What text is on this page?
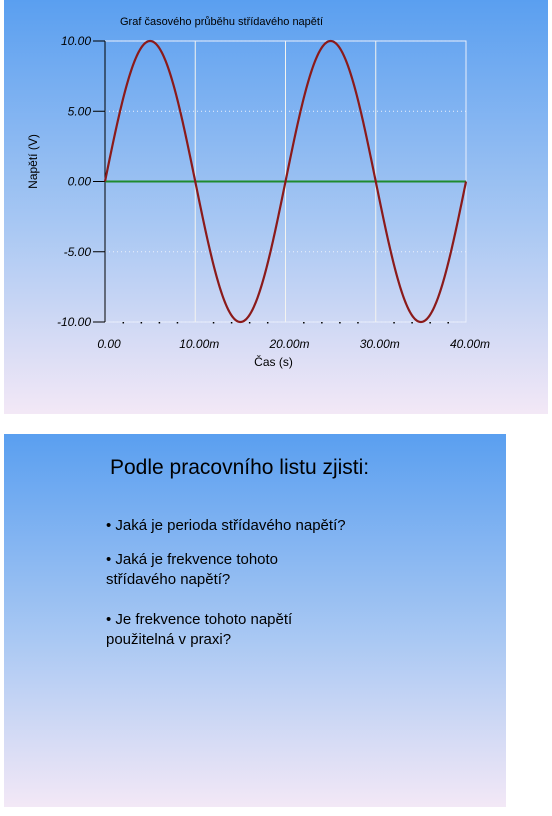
10.00
5.00
0.00
-5.00
-10.00
0.00	10.00m	20.00m	30.00m	40.00m
Graf časového průběhu střídavého napětí
Čas (s)
Napětí (V)
Podle pracovního listu zjisti:
• Jaká je perioda střídavého napětí?
• Jaká je frekvence tohoto
střídavého napětí?
• Je frekvence tohoto napětí
použitelná v praxi?
